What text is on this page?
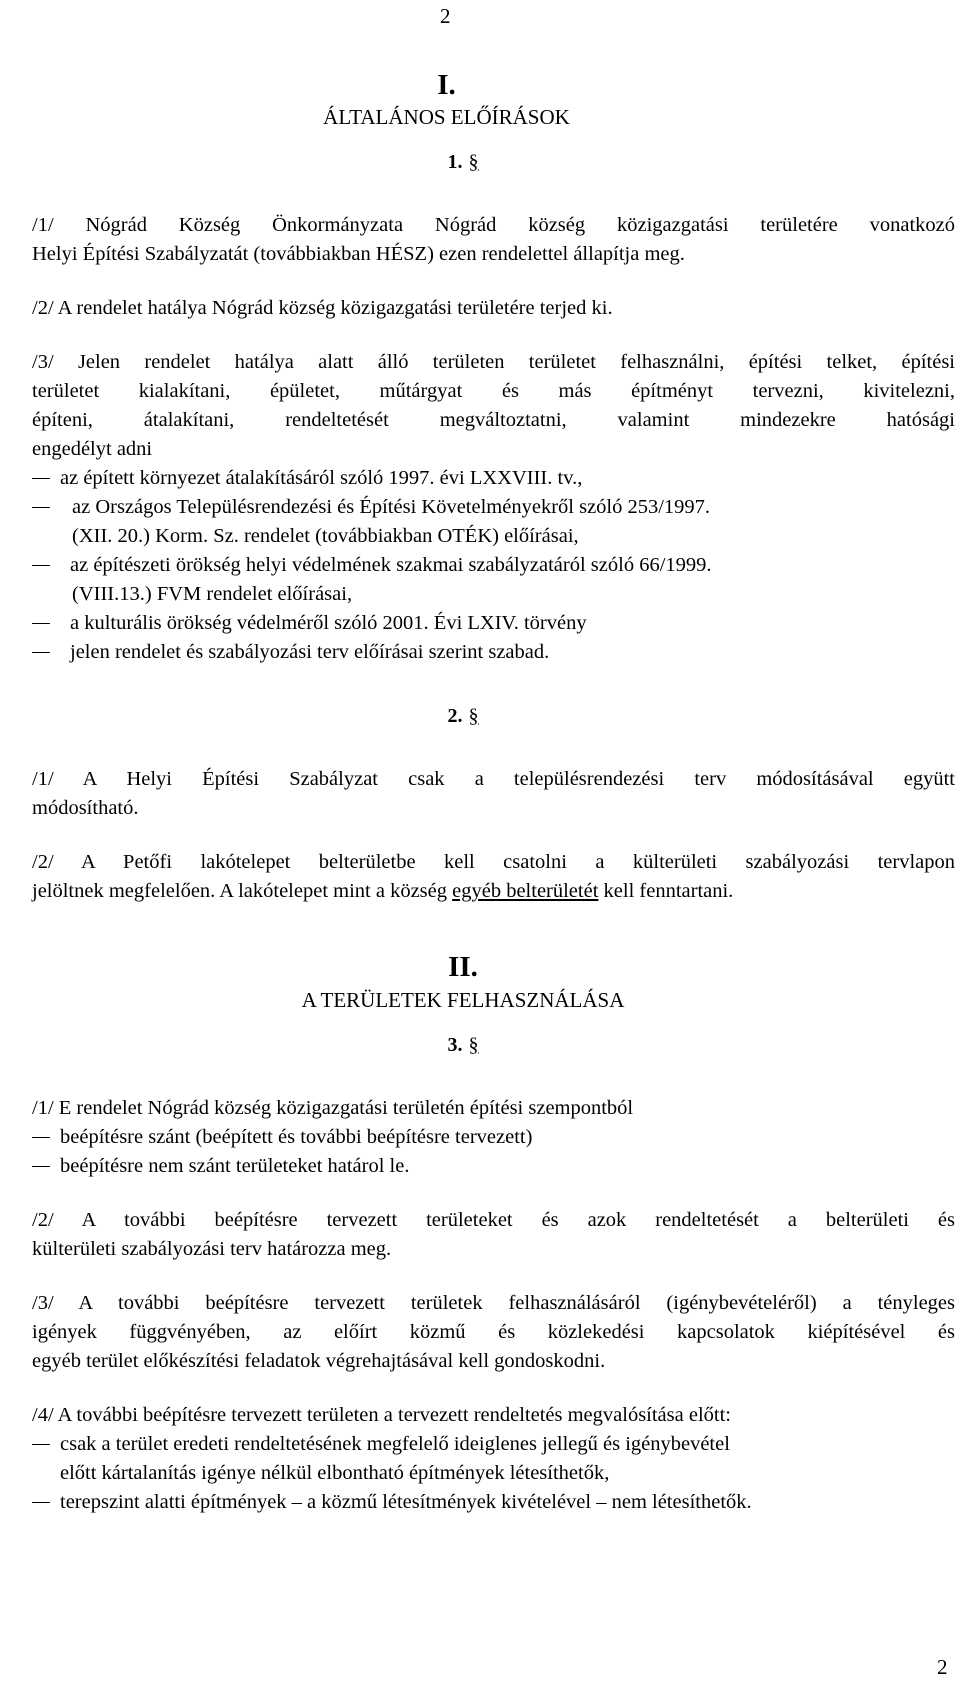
2
I.
ÁLTALÁNOS ELŐÍRÁSOK
1. §
/1/ Nógrád Község Önkormányzata Nógrád község közigazgatási területére vonatkozó
Helyi Építési Szabályzatát (továbbiakban HÉSZ) ezen rendelettel állapítja meg.
/2/ A rendelet hatálya Nógrád község közigazgatási területére terjed ki.
/3/ Jelen rendelet hatálya alatt álló területen területet felhasználni, építési telket, építési
területet kialakítani, épületet, műtárgyat és más építményt tervezni, kivitelezni,
építeni, átalakítani, rendeltetését megváltoztatni, valamint mindezekre hatósági
engedélyt adni
az épített környezet átalakításáról szóló 1997. évi LXXVIII. tv.,
az Országos Településrendezési és Építési Követelményekről szóló 253/1997.
(XII. 20.) Korm. Sz. rendelet (továbbiakban OTÉK) előírásai,
az építészeti örökség helyi védelmének szakmai szabályzatáról szóló 66/1999.
(VIII.13.) FVM rendelet előírásai,
a kulturális örökség védelméről szóló 2001. Évi LXIV. törvény
jelen rendelet és szabályozási terv előírásai szerint szabad.
2. §
/1/ A Helyi Építési Szabályzat csak a településrendezési terv módosításával együtt
módosítható.
/2/ A Petőfi lakótelepet belterületbe kell csatolni a külterületi szabályozási tervlapon
jelöltnek megfelelően. A lakótelepet mint a község egyéb belterületét kell fenntartani.
II.
A TERÜLETEK FELHASZNÁLÁSA
3. §
/1/ E rendelet Nógrád község közigazgatási területén építési szempontból
beépítésre szánt (beépített és további beépítésre tervezett)
beépítésre nem szánt területeket határol le.
/2/ A további beépítésre tervezett területeket és azok rendeltetését a belterületi és
külterületi szabályozási terv határozza meg.
/3/ A további beépítésre tervezett területek felhasználásáról (igénybevételéről) a tényleges
igények függvényében, az előírt közmű és közlekedési kapcsolatok kiépítésével és
egyéb terület előkészítési feladatok végrehajtásával kell gondoskodni.
/4/ A további beépítésre tervezett területen a tervezett rendeltetés megvalósítása előtt:
csak a terület eredeti rendeltetésének megfelelő ideiglenes jellegű és igénybevétel
előtt kártalanítás igénye nélkül elbontható építmények létesíthetők,
terepszint alatti építmények – a közmű létesítmények kivételével – nem létesíthetők.
2
